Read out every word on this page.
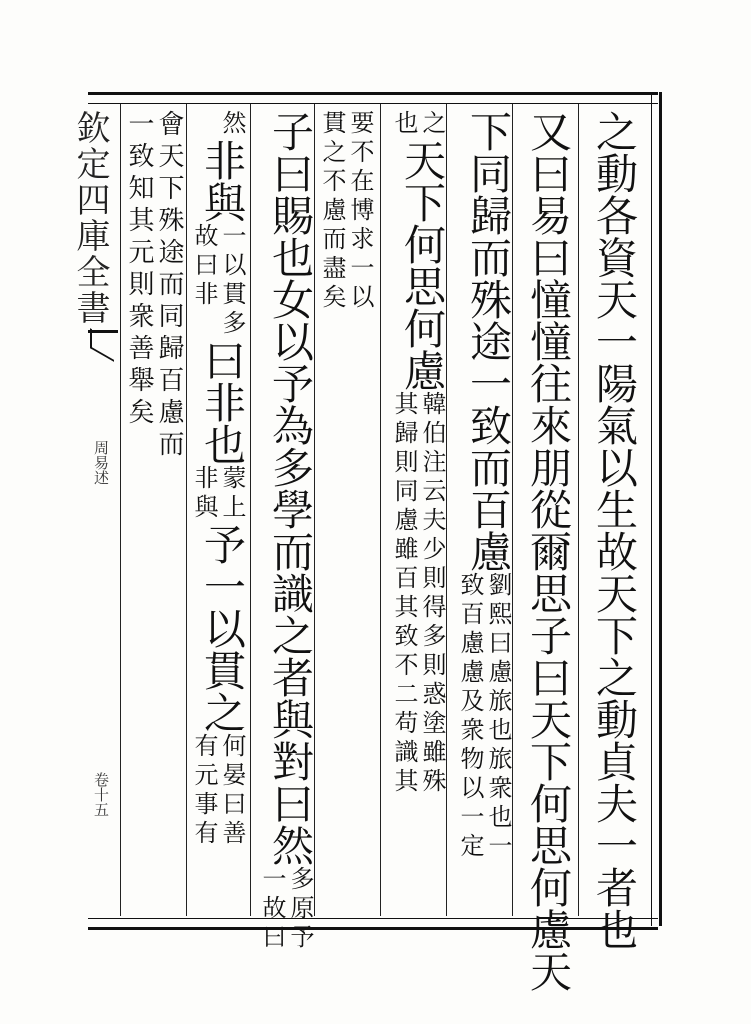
欽定四庫全書
周易述
卷十五	之動各資天一陽氣以生故天下之動貞夫一者也
又曰易曰憧憧往來朋從爾思子曰天下何思何慮天
下同歸而殊途一致而百慮
劉熙曰慮旅也旅衆也一
致百慮慮及衆物以一定
之
也
天下何思何慮
韓伯注云夫少則得多則惑塗雖殊
其歸則同慮雖百其致不二苟識其
要不在博求一以
貫之不慮而盡矣
子曰賜也女以予為多學而識之者與對曰然
多原予
一故曰
然
非與
一以貫
故曰非
多
曰非也
蒙上
非與
予一以貫之
何晏曰善
有元事有
會天下殊途而同歸百慮而
一致知其元則衆善舉矣
